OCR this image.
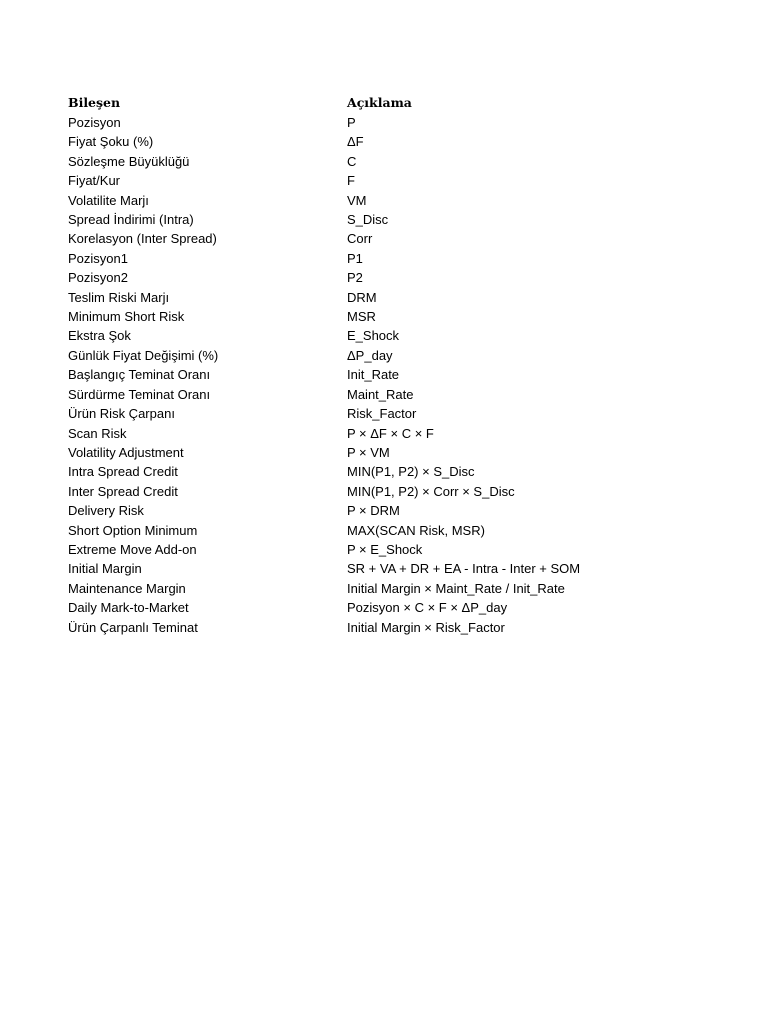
Bileşen	Açıklama
Pozisyon	P
Fiyat Şoku (%)	ΔF
Sözleşme Büyüklüğü	C
Fiyat/Kur	F
Volatilite Marjı	VM
Spread İndirimi (Intra)	S_Disc
Korelasyon (Inter Spread)	Corr
Pozisyon1	P1
Pozisyon2	P2
Teslim Riski Marjı	DRM
Minimum Short Risk	MSR
Ekstra Şok	E_Shock
Günlük Fiyat Değişimi (%)	ΔP_day
Başlangıç Teminat Oranı	Init_Rate
Sürdürme Teminat Oranı	Maint_Rate
Ürün Risk Çarpanı	Risk_Factor
Scan Risk	P × ΔF × C × F
Volatility Adjustment	P × VM
Intra Spread Credit	MIN(P1, P2) × S_Disc
Inter Spread Credit	MIN(P1, P2) × Corr × S_Disc
Delivery Risk	P × DRM
Short Option Minimum	MAX(SCAN Risk, MSR)
Extreme Move Add-on	P × E_Shock
Initial Margin	SR + VA + DR + EA - Intra - Inter + SOM
Maintenance Margin	Initial Margin × Maint_Rate / Init_Rate
Daily Mark-to-Market	Pozisyon × C × F × ΔP_day
Ürün Çarpanlı Teminat	Initial Margin × Risk_Factor
